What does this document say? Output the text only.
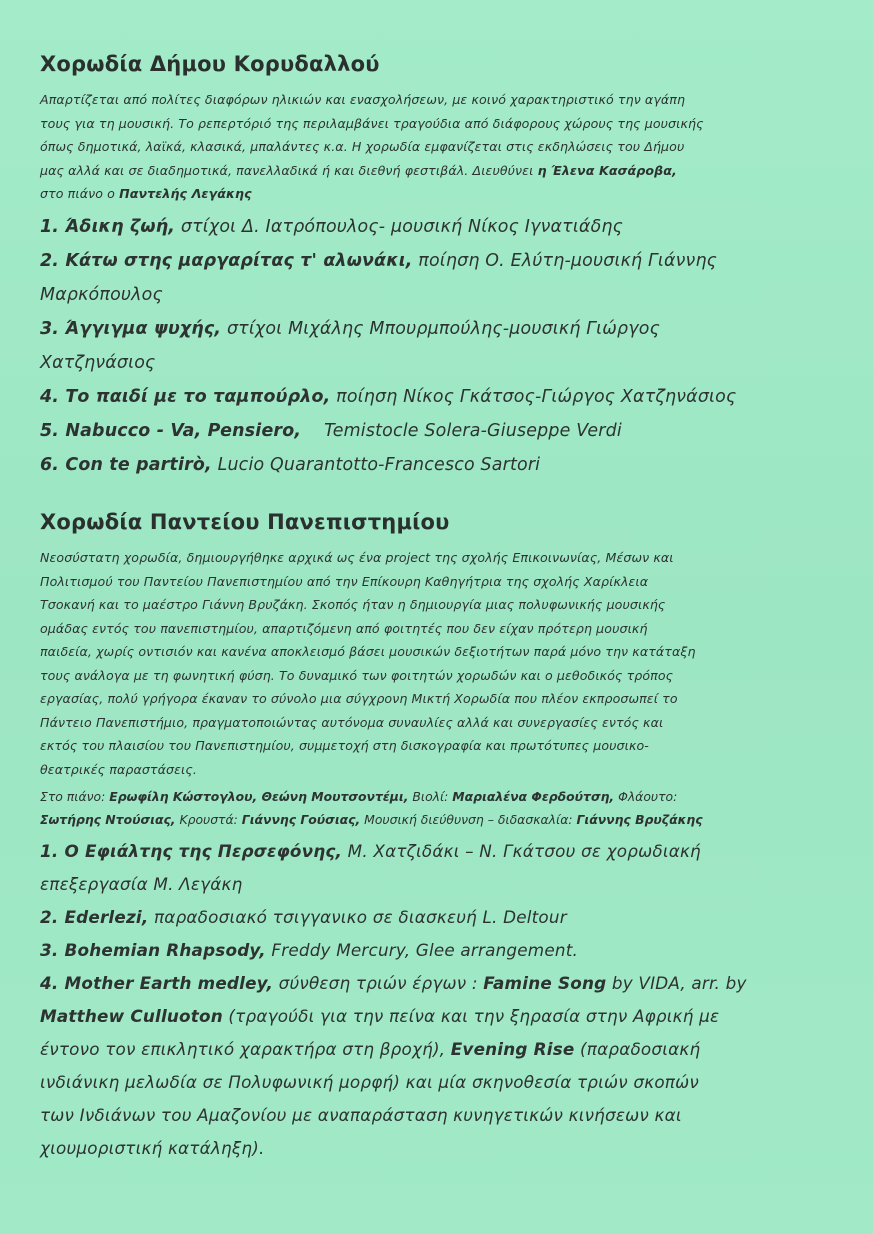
Χορωδία Δήμου Κορυδαλλού

Απαρτίζεται από πολίτες διαφόρων ηλικιών και ενασχολήσεων, με κοινό χαρακτηριστικό την αγάπη
τους για τη μουσική. Το ρεπερτόριό της περιλαμβάνει τραγούδια από διάφορους χώρους της μουσικής
όπως δημοτικά, λαϊκά, κλασικά, μπαλάντες κ.α. Η χορωδία εμφανίζεται στις εκδηλώσεις του Δήμου
μας αλλά και σε διαδημοτικά, πανελλαδικά ή και διεθνή φεστιβάλ. Διευθύνει η Έλενα Κασάροβα,
στο πιάνο ο Παντελής Λεγάκης

1. Άδικη ζωή, στίχοι Δ. Ιατρόπουλος- μουσική Νίκος Ιγνατιάδης
2. Κάτω στης μαργαρίτας τ' αλωνάκι, ποίηση Ο. Ελύτη-μουσική Γιάννης
Μαρκόπουλος
3. Άγγιγμα ψυχής, στίχοι Μιχάλης Μπουρμπούλης-μουσική Γιώργος
Χατζηνάσιος
4. Το παιδί με το ταμπούρλο, ποίηση Νίκος Γκάτσος-Γιώργος Χατζηνάσιος
5. Nabucco - Va, Pensiero,    Temistocle Solera-Giuseppe Verdi
6. Con te partirò, Lucio Quarantotto-Francesco Sartori
Χορωδία Παντείου Πανεπιστημίου

Νεοσύστατη χορωδία, δημιουργήθηκε αρχικά ως ένα project της σχολής Επικοινωνίας, Μέσων και
Πολιτισμού του Παντείου Πανεπιστημίου από την Επίκουρη Καθηγήτρια της σχολής Χαρίκλεια
Τσοκανή και το μαέστρο Γιάννη Βρυζάκη. Σκοπός ήταν η δημιουργία μιας πολυφωνικής μουσικής
ομάδας εντός του πανεπιστημίου, απαρτιζόμενη από φοιτητές που δεν είχαν πρότερη μουσική
παιδεία, χωρίς οντισιόν και κανένα αποκλεισμό βάσει μουσικών δεξιοτήτων παρά μόνο την κατάταξη
τους ανάλογα με τη φωνητική φύση. Το δυναμικό των φοιτητών χορωδών και ο μεθοδικός τρόπος
εργασίας, πολύ γρήγορα έκαναν το σύνολο μια σύγχρονη Μικτή Χορωδία που πλέον εκπροσωπεί το
Πάντειο Πανεπιστήμιο, πραγματοποιώντας αυτόνομα συναυλίες αλλά και συνεργασίες εντός και
εκτός του πλαισίου του Πανεπιστημίου, συμμετοχή στη δισκογραφία και πρωτότυπες μουσικο-
θεατρικές παραστάσεις.

Στο πιάνο: Ερωφίλη Κώστογλου, Θεώνη Μουτσοντέμι, Βιολί: Μαριαλένα Φερδούτση, Φλάουτο:
Σωτήρης Ντούσιας, Κρουστά: Γιάννης Γούσιας, Μουσική διεύθυνση – διδασκαλία: Γιάννης Βρυζάκης

1. Ο Εφιάλτης της Περσεφόνης, Μ. Χατζιδάκι – Ν. Γκάτσου σε χορωδιακή
επεξεργασία Μ. Λεγάκη
2. Ederlezi, παραδοσιακό τσιγγανικο σε διασκευή L. Deltour
3. Bohemian Rhapsody, Freddy Mercury, Glee arrangement.
4. Mother Earth medley, σύνθεση τριών έργων : Famine Song by VIDA, arr. by
Matthew Culluoton (τραγούδι για την πείνα και την ξηρασία στην Αφρική με
έντονο τον επικλητικό χαρακτήρα στη βροχή), Evening Rise (παραδοσιακή
ινδιάνικη μελωδία σε Πολυφωνική μορφή) και μία σκηνοθεσία τριών σκοπών
των Ινδιάνων του Αμαζονίου με αναπαράσταση κυνηγετικών κινήσεων και
χιουμοριστική κατάληξη).
